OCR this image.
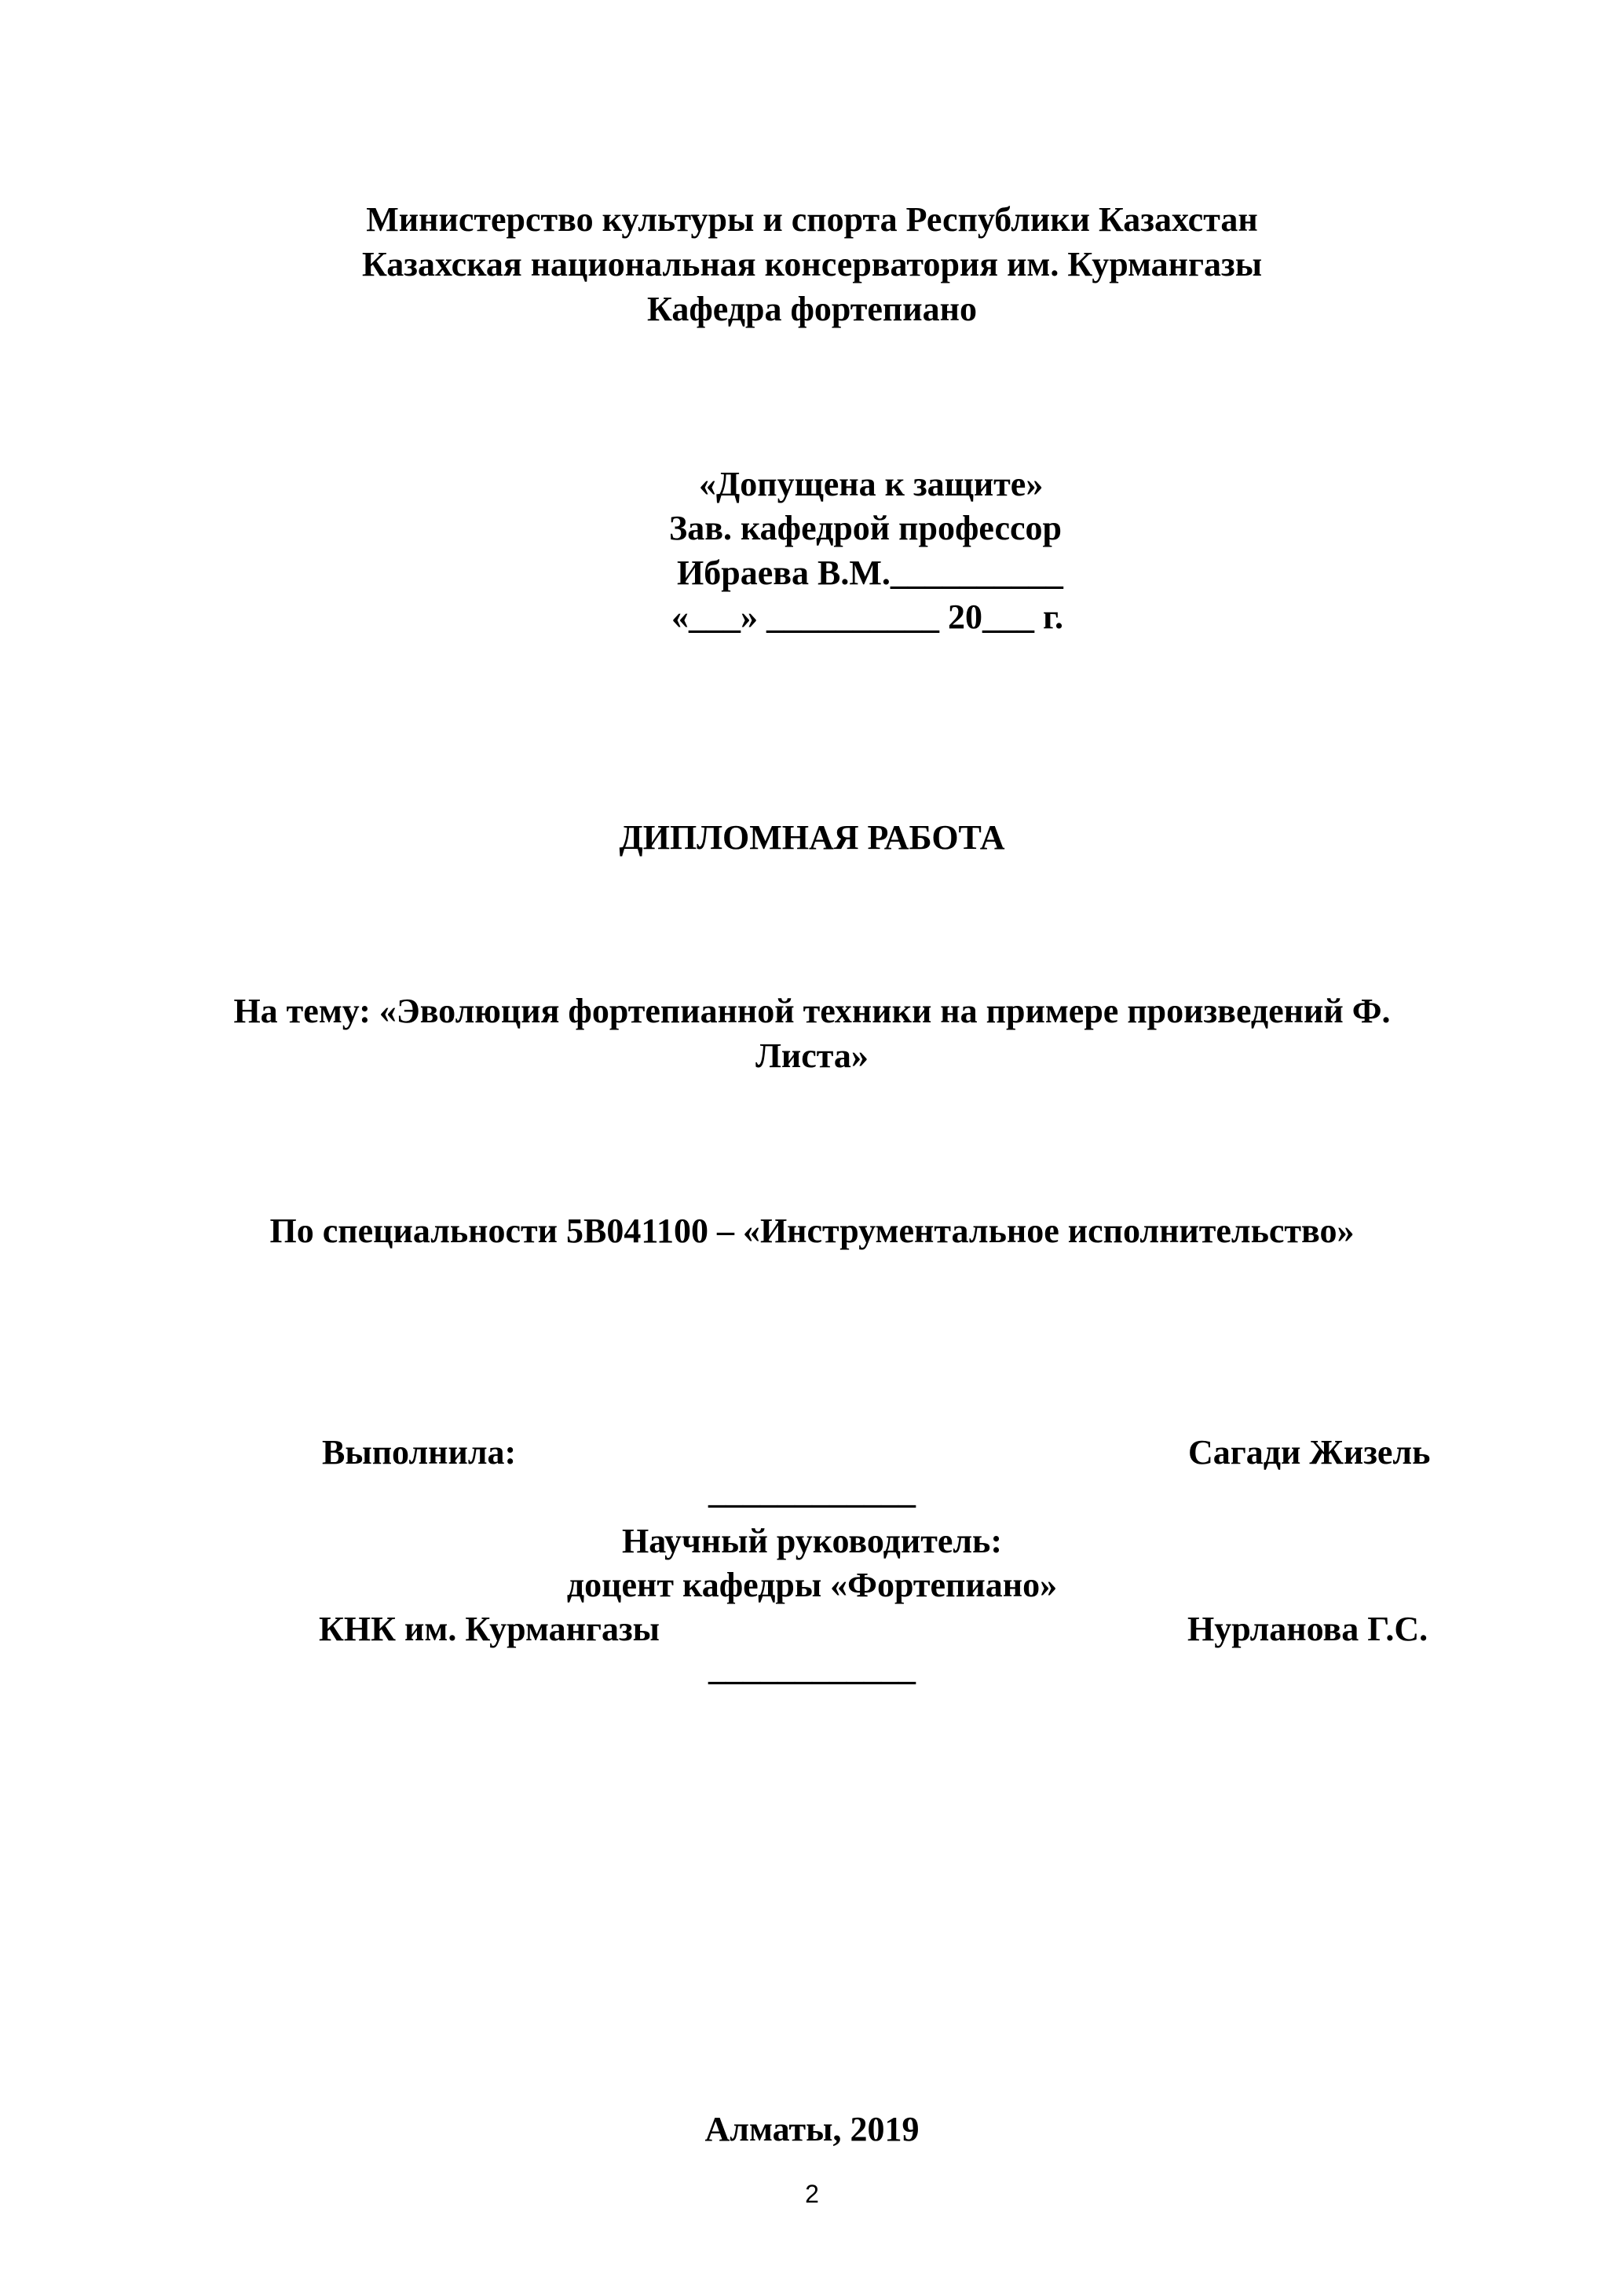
Министерство культуры и спорта Республики Казахстан
Казахская национальная консерватория им. Курмангазы
Кафедра фортепиано
«Допущена к защите»
Зав. кафедрой профессор
Ибраева В.М.__________
«___» __________ 20___ г.
ДИПЛОМНАЯ РАБОТА
На тему: «Эволюция фортепианной техники на примере произведений Ф.
Листа»
По специальности 5В041100 – «Инструментальное исполнительство»
Выполнила:	Сагади Жизель
____________
Научный руководитель:
доцент кафедры «Фортепиано»
КНК им. Курмангазы	Нурланова Г.С.
____________
Алматы, 2019
2
